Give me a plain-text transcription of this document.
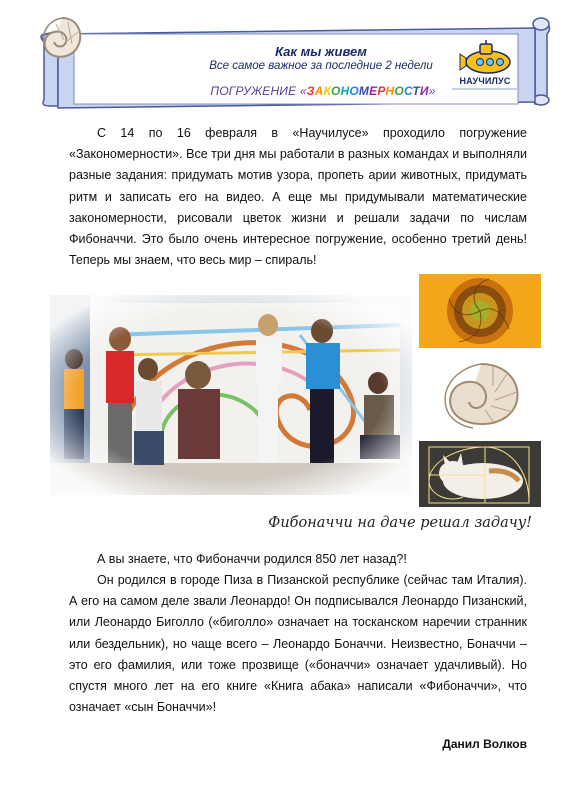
Как мы живем
Все самое важное за последние 2 недели
ПОГРУЖЕНИЕ «ЗАКОНОМЕРНОСТИ»
НАУЧИЛУС
С 14 по 16 февраля в «Научилусе» проходило погружение «Закономерности». Все три дня мы работали в разных командах и выполняли разные задания: придумать мотив узора, пропеть арии животных, придумать ритм и записать его на видео. А еще мы придумывали математические закономерности, рисовали цветок жизни и решали задачи по числам Фибоначчи. Это было очень интересное погружение, особенно третий день! Теперь мы знаем, что весь мир – спираль!
Фибоначчи на даче решал задачу!
А вы знаете, что Фибоначчи родился 850 лет назад?!
Он родился в городе Пиза в Пизанской республике (сейчас там Италия). А его на самом деле звали Леонардо! Он подписывался Леонардо Пизанский, или Леонардо Биголло («биголло» означает на тосканском наречии странник или бездельник), но чаще всего – Леонардо Боначчи. Неизвестно, Боначчи – это его фамилия, или тоже прозвище («боначчи» означает удачливый). Но спустя много лет на его книге «Книга абака» написали «Фибоначчи», что означает «сын Боначчи»!
Данил Волков
